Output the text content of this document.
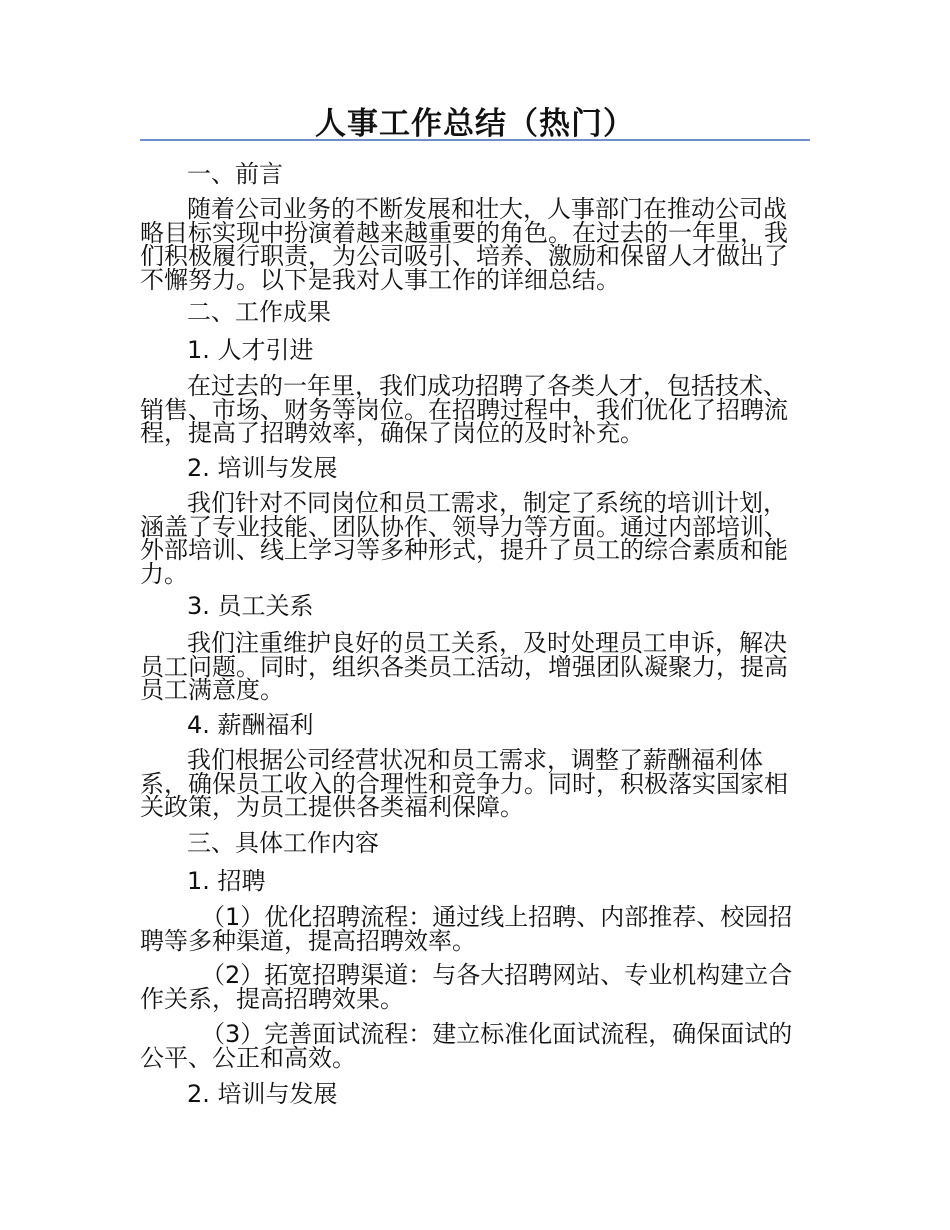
人事工作总结（热门）
一、前言
随着公司业务的不断发展和壮大，人事部门在推动公司战
略目标实现中扮演着越来越重要的角色。在过去的一年里，我
们积极履行职责，为公司吸引、培养、激励和保留人才做出了
不懈努力。以下是我对人事工作的详细总结。
二、工作成果
1. 人才引进
在过去的一年里，我们成功招聘了各类人才，包括技术、
销售、市场、财务等岗位。在招聘过程中，我们优化了招聘流
程，提高了招聘效率，确保了岗位的及时补充。
2. 培训与发展
我们针对不同岗位和员工需求，制定了系统的培训计划，
涵盖了专业技能、团队协作、领导力等方面。通过内部培训、
外部培训、线上学习等多种形式，提升了员工的综合素质和能
力。
3. 员工关系
我们注重维护良好的员工关系，及时处理员工申诉，解决
员工问题。同时，组织各类员工活动，增强团队凝聚力，提高
员工满意度。
4. 薪酬福利
我们根据公司经营状况和员工需求，调整了薪酬福利体
系，确保员工收入的合理性和竞争力。同时，积极落实国家相
关政策，为员工提供各类福利保障。
三、具体工作内容
1. 招聘
（1）优化招聘流程：通过线上招聘、内部推荐、校园招
聘等多种渠道，提高招聘效率。
（2）拓宽招聘渠道：与各大招聘网站、专业机构建立合
作关系，提高招聘效果。
（3）完善面试流程：建立标准化面试流程，确保面试的
公平、公正和高效。
2. 培训与发展
